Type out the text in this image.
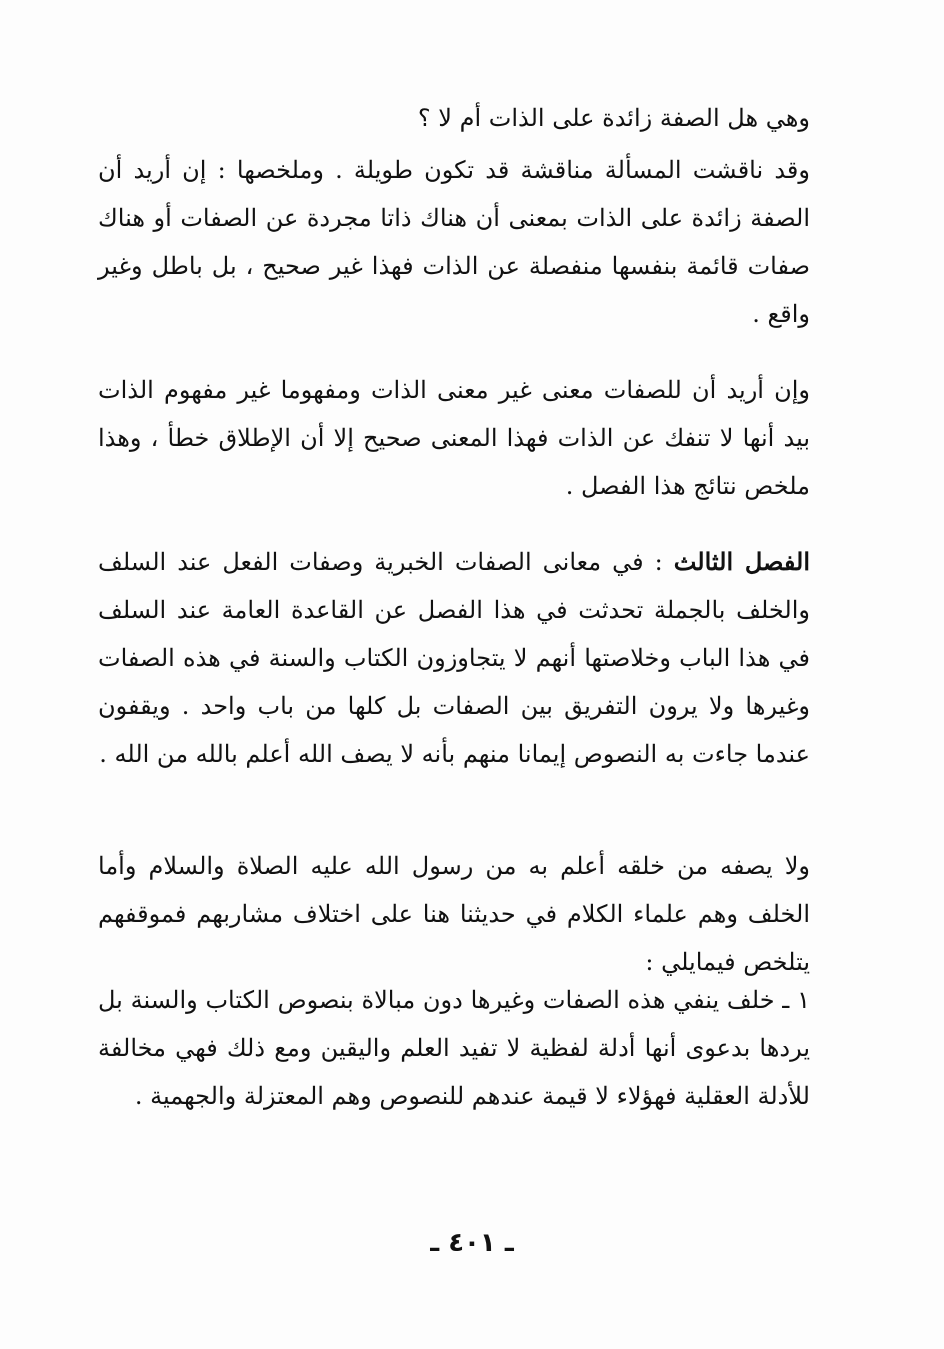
وهي هل الصفة زائدة على الذات أم لا ؟

وقد ناقشت المسألة مناقشة قد تكون طويلة . وملخصها : إن أريد أن الصفة زائدة على الذات بمعنى أن هناك ذاتا مجردة عن الصفات أو هناك صفات قائمة بنفسها منفصلة عن الذات فهذا غير صحيح ، بل باطل وغير واقع .

وإن أريد أن للصفات معنى غير معنى الذات ومفهوما غير مفهوم الذات بيد أنها لا تنفك عن الذات فهذا المعنى صحيح إلا أن الإطلاق خطأ ، وهذا ملخص نتائج هذا الفصل .

الفصل الثالث : في معانى الصفات الخبرية وصفات الفعل عند السلف والخلف بالجملة تحدثت في هذا الفصل عن القاعدة العامة عند السلف في هذا الباب وخلاصتها أنهم لا يتجاوزون الكتاب والسنة في هذه الصفات وغيرها ولا يرون التفريق بين الصفات بل كلها من باب واحد . ويقفون عندما جاءت به النصوص إيمانا منهم بأنه لا يصف الله أعلم بالله من الله .

ولا يصفه من خلقه أعلم به من رسول الله عليه الصلاة والسلام وأما الخلف وهم علماء الكلام في حديثنا هنا على اختلاف مشاربهم فموقفهم يتلخص فيمايلي :

١ ـ خلف ينفي هذه الصفات وغيرها دون مبالاة بنصوص الكتاب والسنة بل يردها بدعوى أنها أدلة لفظية لا تفيد العلم واليقين ومع ذلك فهي مخالفة للأدلة العقلية فهؤلاء لا قيمة عندهم للنصوص وهم المعتزلة والجهمية .

ـ ٤٠١ ـ
